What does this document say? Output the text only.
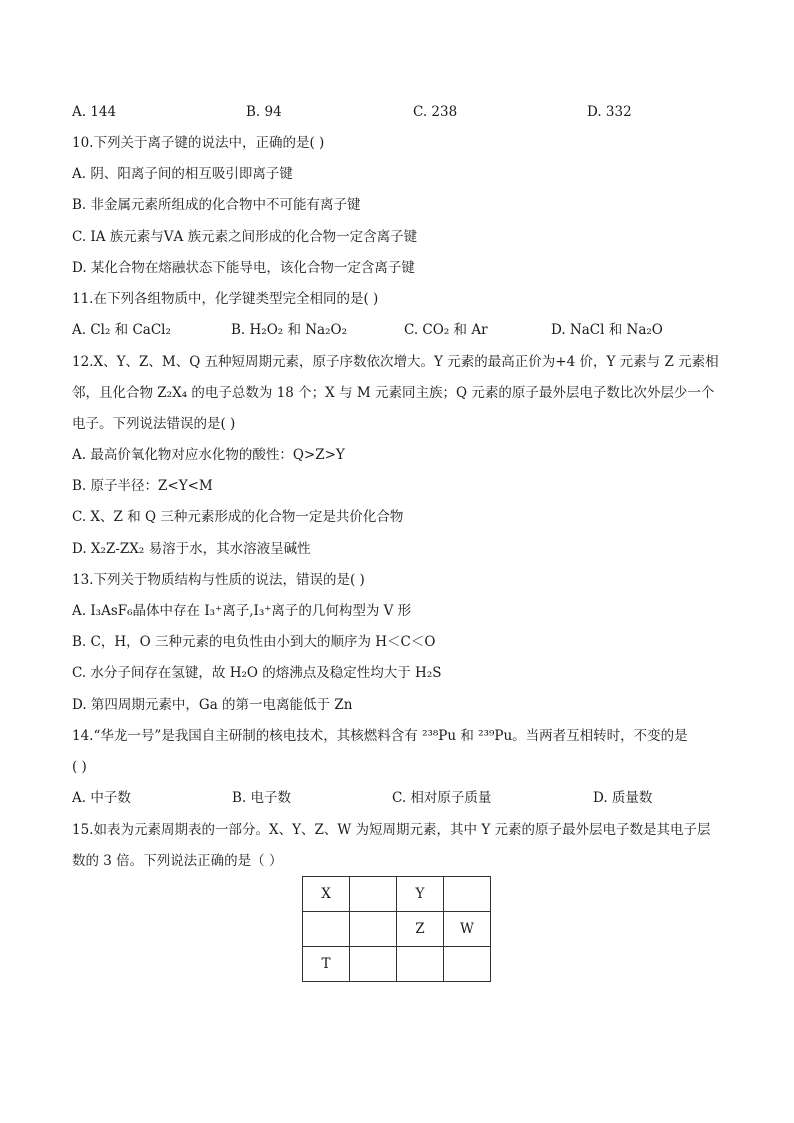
A. 144	B. 94	C. 238	D. 332
10.下列关于离子键的说法中，正确的是( )
A. 阴、阳离子间的相互吸引即离子键
B. 非金属元素所组成的化合物中不可能有离子键
C. ⅠA 族元素与ⅤA 族元素之间形成的化合物一定含离子键
D. 某化合物在熔融状态下能导电，该化合物一定含离子键
11.在下列各组物质中，化学键类型完全相同的是( )
A. Cl₂ 和 CaCl₂	B. H₂O₂ 和 Na₂O₂	C. CO₂ 和 Ar	D. NaCl 和 Na₂O
12.X、Y、Z、M、Q 五种短周期元素，原子序数依次增大。Y 元素的最高正价为+4 价，Y 元素与 Z 元素相
邻，且化合物 Z₂X₄ 的电子总数为 18 个；X 与 M 元素同主族；Q 元素的原子最外层电子数比次外层少一个
电子。下列说法错误的是( )
A. 最高价氧化物对应水化物的酸性：Q>Z>Y
B. 原子半径：Z<Y<M
C. X、Z 和 Q 三种元素形成的化合物一定是共价化合物
D. X₂Z-ZX₂ 易溶于水，其水溶液呈碱性
13.下列关于物质结构与性质的说法，错误的是( )
A. I₃AsF₆晶体中存在 I₃⁺离子,I₃⁺离子的几何构型为 V 形
B. C，H，O 三种元素的电负性由小到大的顺序为 H＜C＜O
C. 水分子间存在氢键，故 H₂O 的熔沸点及稳定性均大于 H₂S
D. 第四周期元素中，Ga 的第一电离能低于 Zn
14.“华龙一号”是我国自主研制的核电技术，其核燃料含有 ²³⁸Pu 和 ²³⁹Pu。当两者互相转时，不变的是
( )
A. 中子数	B. 电子数	C. 相对原子质量	D. 质量数
15.如表为元素周期表的一部分。X、Y、Z、W 为短周期元素，其中 Y 元素的原子最外层电子数是其电子层
数的 3 倍。下列说法正确的是（ ）
X		Y	
		Z	W
T			
